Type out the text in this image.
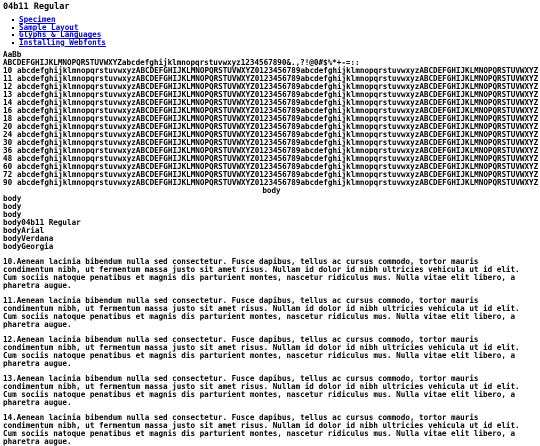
04b11 Regular
Specimen
Sample Layout
Glyphs & Languages
Installing Webfonts
AaBb
ABCDEFGHIJKLMNOPQRSTUVWXYZabcdefghijklmnopqrstuvwxyz1234567890&.,?!@0#$%*+-=::
10 abcdefghijklmnopqrstuvwxyzABCDEFGHIJKLMNOPQRSTUVWXYZ0123456789abcdefghijklmnopqrstuvwxyzABCDEFGHIJKLMNOPQRSTUVWXYZ
11 abcdefghijklmnopqrstuvwxyzABCDEFGHIJKLMNOPQRSTUVWXYZ0123456789abcdefghijklmnopqrstuvwxyzABCDEFGHIJKLMNOPQRSTUVWXYZ
12 abcdefghijklmnopqrstuvwxyzABCDEFGHIJKLMNOPQRSTUVWXYZ0123456789abcdefghijklmnopqrstuvwxyzABCDEFGHIJKLMNOPQRSTUVWXYZ
13 abcdefghijklmnopqrstuvwxyzABCDEFGHIJKLMNOPQRSTUVWXYZ0123456789abcdefghijklmnopqrstuvwxyzABCDEFGHIJKLMNOPQRSTUVWXYZ
14 abcdefghijklmnopqrstuvwxyzABCDEFGHIJKLMNOPQRSTUVWXYZ0123456789abcdefghijklmnopqrstuvwxyzABCDEFGHIJKLMNOPQRSTUVWXYZ
16 abcdefghijklmnopqrstuvwxyzABCDEFGHIJKLMNOPQRSTUVWXYZ0123456789abcdefghijklmnopqrstuvwxyzABCDEFGHIJKLMNOPQRSTUVWXYZ
18 abcdefghijklmnopqrstuvwxyzABCDEFGHIJKLMNOPQRSTUVWXYZ0123456789abcdefghijklmnopqrstuvwxyzABCDEFGHIJKLMNOPQRSTUVWXYZ
20 abcdefghijklmnopqrstuvwxyzABCDEFGHIJKLMNOPQRSTUVWXYZ0123456789abcdefghijklmnopqrstuvwxyzABCDEFGHIJKLMNOPQRSTUVWXYZ
24 abcdefghijklmnopqrstuvwxyzABCDEFGHIJKLMNOPQRSTUVWXYZ0123456789abcdefghijklmnopqrstuvwxyzABCDEFGHIJKLMNOPQRSTUVWXYZ
30 abcdefghijklmnopqrstuvwxyzABCDEFGHIJKLMNOPQRSTUVWXYZ0123456789abcdefghijklmnopqrstuvwxyzABCDEFGHIJKLMNOPQRSTUVWXYZ
36 abcdefghijklmnopqrstuvwxyzABCDEFGHIJKLMNOPQRSTUVWXYZ0123456789abcdefghijklmnopqrstuvwxyzABCDEFGHIJKLMNOPQRSTUVWXYZ
48 abcdefghijklmnopqrstuvwxyzABCDEFGHIJKLMNOPQRSTUVWXYZ0123456789abcdefghijklmnopqrstuvwxyzABCDEFGHIJKLMNOPQRSTUVWXYZ
60 abcdefghijklmnopqrstuvwxyzABCDEFGHIJKLMNOPQRSTUVWXYZ0123456789abcdefghijklmnopqrstuvwxyzABCDEFGHIJKLMNOPQRSTUVWXYZ
72 abcdefghijklmnopqrstuvwxyzABCDEFGHIJKLMNOPQRSTUVWXYZ0123456789abcdefghijklmnopqrstuvwxyzABCDEFGHIJKLMNOPQRSTUVWXYZ
90 abcdefghijklmnopqrstuvwxyzABCDEFGHIJKLMNOPQRSTUVWXYZ0123456789abcdefghijklmnopqrstuvwxyzABCDEFGHIJKLMNOPQRSTUVWXYZ
body
body
body
body
body04b11 Regular
bodyArial
bodyVerdana
bodyGeorgia

10.Aenean lacinia bibendum nulla sed consectetur. Fusce dapibus, tellus ac cursus commodo, tortor mauris condimentum nibh, ut fermentum massa justo sit amet risus. Nullam id dolor id nibh ultricies vehicula ut id elit. Cum sociis natoque penatibus et magnis dis parturient montes, nascetur ridiculus mus. Nulla vitae elit libero, a pharetra augue.

11.Aenean lacinia bibendum nulla sed consectetur. Fusce dapibus, tellus ac cursus commodo, tortor mauris condimentum nibh, ut fermentum massa justo sit amet risus. Nullam id dolor id nibh ultricies vehicula ut id elit. Cum sociis natoque penatibus et magnis dis parturient montes, nascetur ridiculus mus. Nulla vitae elit libero, a pharetra augue.

12.Aenean lacinia bibendum nulla sed consectetur. Fusce dapibus, tellus ac cursus commodo, tortor mauris condimentum nibh, ut fermentum massa justo sit amet risus. Nullam id dolor id nibh ultricies vehicula ut id elit. Cum sociis natoque penatibus et magnis dis parturient montes, nascetur ridiculus mus. Nulla vitae elit libero, a pharetra augue.

13.Aenean lacinia bibendum nulla sed consectetur. Fusce dapibus, tellus ac cursus commodo, tortor mauris condimentum nibh, ut fermentum massa justo sit amet risus. Nullam id dolor id nibh ultricies vehicula ut id elit. Cum sociis natoque penatibus et magnis dis parturient montes, nascetur ridiculus mus. Nulla vitae elit libero, a pharetra augue.

14.Aenean lacinia bibendum nulla sed consectetur. Fusce dapibus, tellus ac cursus commodo, tortor mauris condimentum nibh, ut fermentum massa justo sit amet risus. Nullam id dolor id nibh ultricies vehicula ut id elit. Cum sociis natoque penatibus et magnis dis parturient montes, nascetur ridiculus mus. Nulla vitae elit libero, a pharetra augue.
